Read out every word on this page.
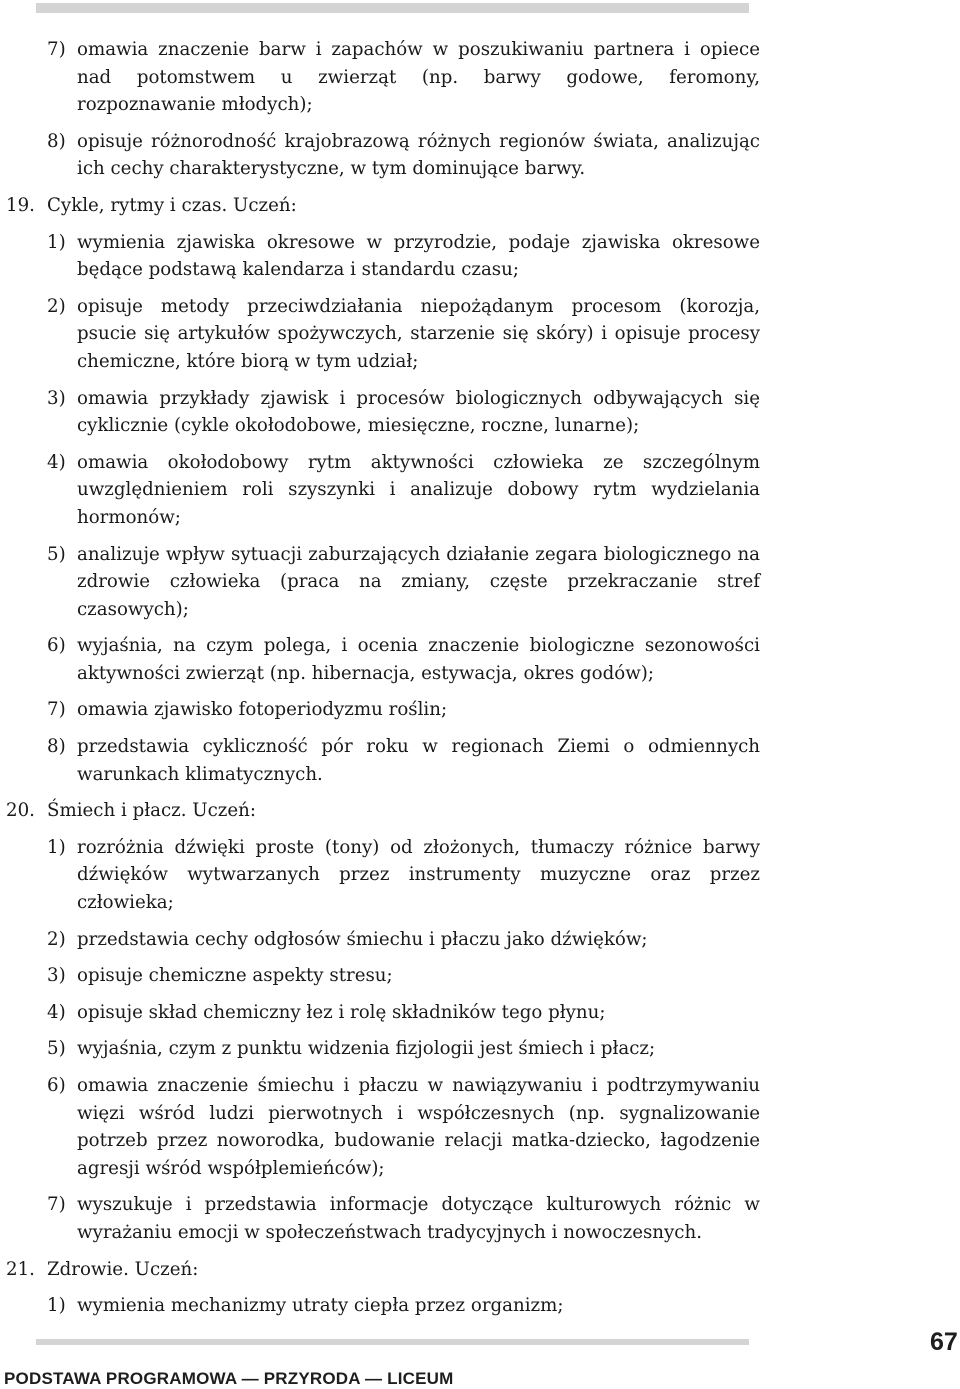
7) omawia znaczenie barw i zapachów w poszukiwaniu partnera i opiece nad potomstwem u zwierząt (np. barwy godowe, feromony, rozpoznawanie młodych);
8) opisuje różnorodność krajobrazową różnych regionów świata, analizując ich cechy charakterystyczne, w tym dominujące barwy.
19. Cykle, rytmy i czas. Uczeń:
1) wymienia zjawiska okresowe w przyrodzie, podaje zjawiska okresowe będące podstawą kalendarza i standardu czasu;
2) opisuje metody przeciwdziałania niepożądanym procesom (korozja, psucie się artykułów spożywczych, starzenie się skóry) i opisuje procesy chemiczne, które biorą w tym udział;
3) omawia przykłady zjawisk i procesów biologicznych odbywających się cyklicznie (cykle okołodobowe, miesięczne, roczne, lunarne);
4) omawia okołodobowy rytm aktywności człowieka ze szczególnym uwzględnieniem roli szyszynki i analizuje dobowy rytm wydzielania hormonów;
5) analizuje wpływ sytuacji zaburzających działanie zegara biologicznego na zdrowie człowieka (praca na zmiany, częste przekraczanie stref czasowych);
6) wyjaśnia, na czym polega, i ocenia znaczenie biologiczne sezonowości aktywności zwierząt (np. hibernacja, estywacja, okres godów);
7) omawia zjawisko fotoperiodyzmu roślin;
8) przedstawia cykliczność pór roku w regionach Ziemi o odmiennych warunkach klimatycznych.
20. Śmiech i płacz. Uczeń:
1) rozróżnia dźwięki proste (tony) od złożonych, tłumaczy różnice barwy dźwięków wytwarzanych przez instrumenty muzyczne oraz przez człowieka;
2) przedstawia cechy odgłosów śmiechu i płaczu jako dźwięków;
3) opisuje chemiczne aspekty stresu;
4) opisuje skład chemiczny łez i rolę składników tego płynu;
5) wyjaśnia, czym z punktu widzenia fizjologii jest śmiech i płacz;
6) omawia znaczenie śmiechu i płaczu w nawiązywaniu i podtrzymywaniu więzi wśród ludzi pierwotnych i współczesnych (np. sygnalizowanie potrzeb przez noworodka, budowanie relacji matka-dziecko, łagodzenie agresji wśród współplemieńców);
7) wyszukuje i przedstawia informacje dotyczące kulturowych różnic w wyrażaniu emocji w społeczeństwach tradycyjnych i nowoczesnych.
21. Zdrowie. Uczeń:
1) wymienia mechanizmy utraty ciepła przez organizm;
PODSTAWA PROGRAMOWA — PRZYRODA — LICEUM
67
